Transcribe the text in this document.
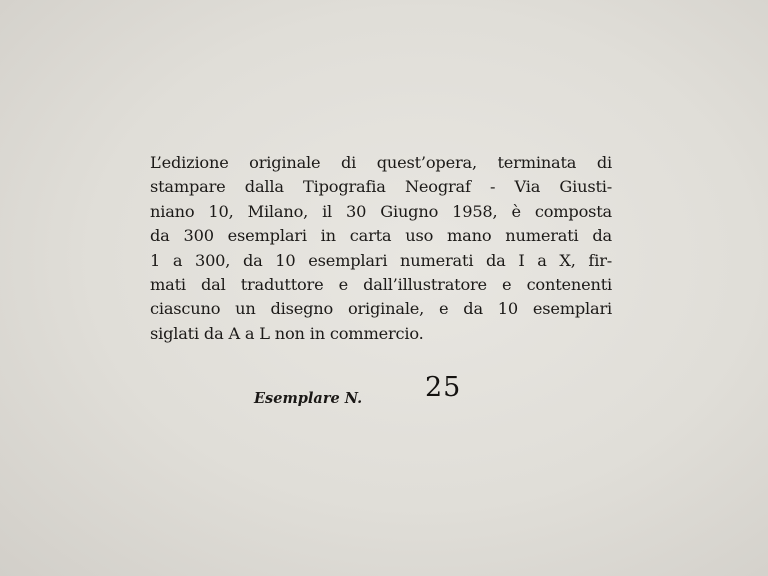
L’edizione originale di quest’opera, terminata di
stampare dalla Tipografia Neograf - Via Giusti-
niano 10, Milano, il 30 Giugno 1958, è composta
da 300 esemplari in carta uso mano numerati da
1 a 300, da 10 esemplari numerati da I a X, fir-
mati dal traduttore e dall’illustratore e contenenti
ciascuno un disegno originale, e da 10 esemplari
siglati da A a L non in commercio.
Esemplare N. 25
